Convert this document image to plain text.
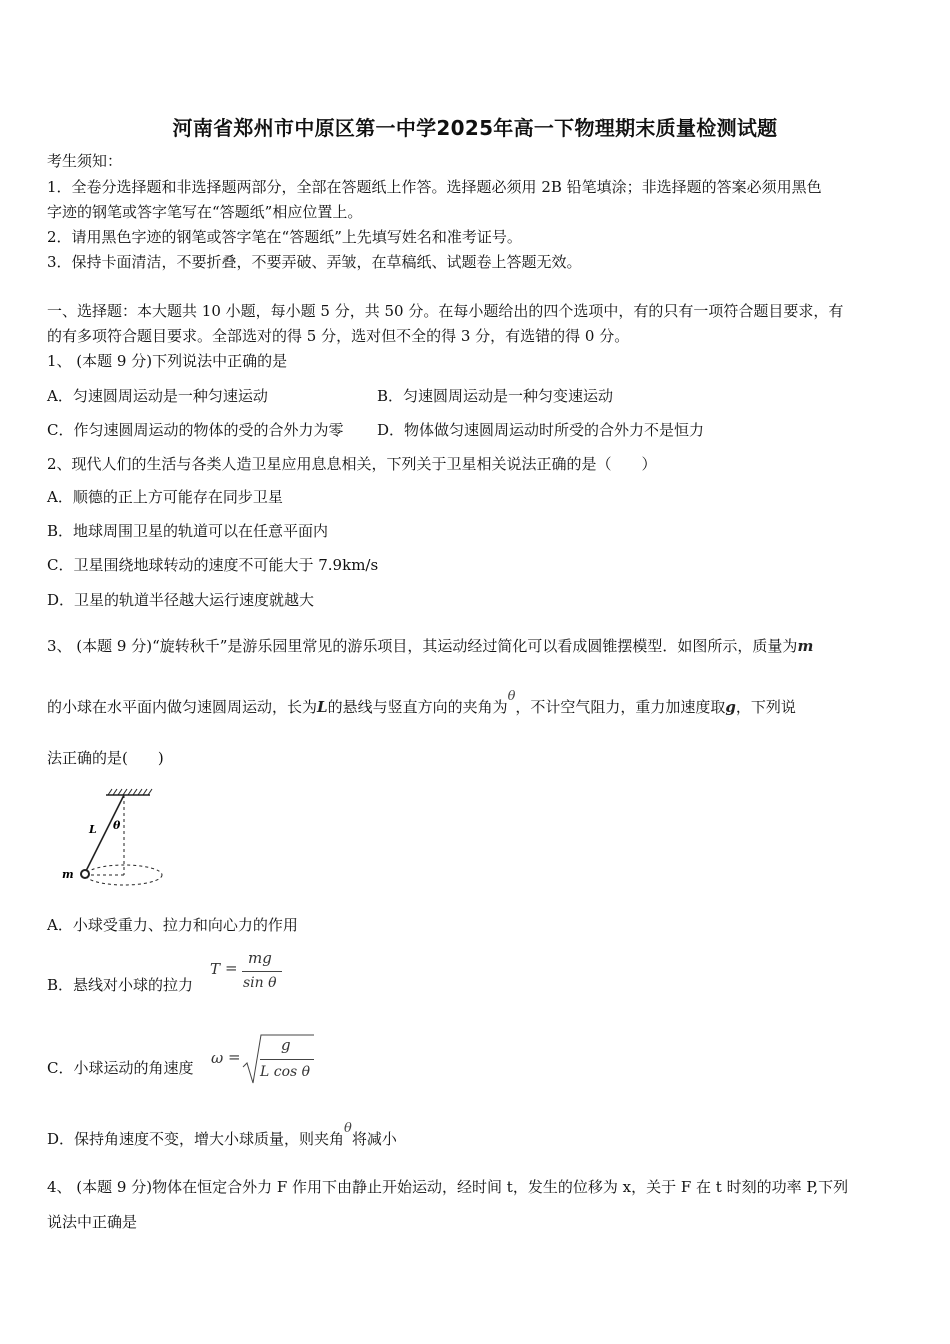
河南省郑州市中原区第一中学2025年高一下物理期末质量检测试题
考生须知：
1．全卷分选择题和非选择题两部分，全部在答题纸上作答。选择题必须用 2B 铅笔填涂；非选择题的答案必须用黑色
字迹的钢笔或答字笔写在“答题纸”相应位置上。
2．请用黑色字迹的钢笔或答字笔在“答题纸”上先填写姓名和准考证号。
3．保持卡面清洁，不要折叠，不要弄破、弄皱，在草稿纸、试题卷上答题无效。
一、选择题：本大题共 10 小题，每小题 5 分，共 50 分。在每小题给出的四个选项中，有的只有一项符合题目要求，有
的有多项符合题目要求。全部选对的得 5 分，选对但不全的得 3 分，有选错的得 0 分。
1、 (本题 9 分)下列说法中正确的是
A．匀速圆周运动是一种匀速运动	B．匀速圆周运动是一种匀变速运动
C．作匀速圆周运动的物体的受的合外力为零 D．物体做匀速圆周运动时所受的合外力不是恒力
2、现代人们的生活与各类人造卫星应用息息相关，下列关于卫星相关说法正确的是（　　）
A．顺德的正上方可能存在同步卫星
B．地球周围卫星的轨道可以在任意平面内
C．卫星围绕地球转动的速度不可能大于 7.9km/s
D．卫星的轨道半径越大运行速度就越大
3、 (本题 9 分)“旋转秋千”是游乐园里常见的游乐项目，其运动经过简化可以看成圆锥摆模型．如图所示，质量为m
的小球在水平面内做匀速圆周运动，长为L的悬线与竖直方向的夹角为θ，不计空气阻力，重力加速度取g，下列说
法正确的是(　　)
L θ
m
A．小球受重力、拉力和向心力的作用
B．悬线对小球的拉力
T =
mg
sin θ
C．小球运动的角速度
ω =
g
L cos θ
D．保持角速度不变，增大小球质量，则夹角θ将减小
4、 (本题 9 分)物体在恒定合外力 F 作用下由静止开始运动，经时间 t，发生的位移为 x，关于 F 在 t 时刻的功率 P,下列
说法中正确是
